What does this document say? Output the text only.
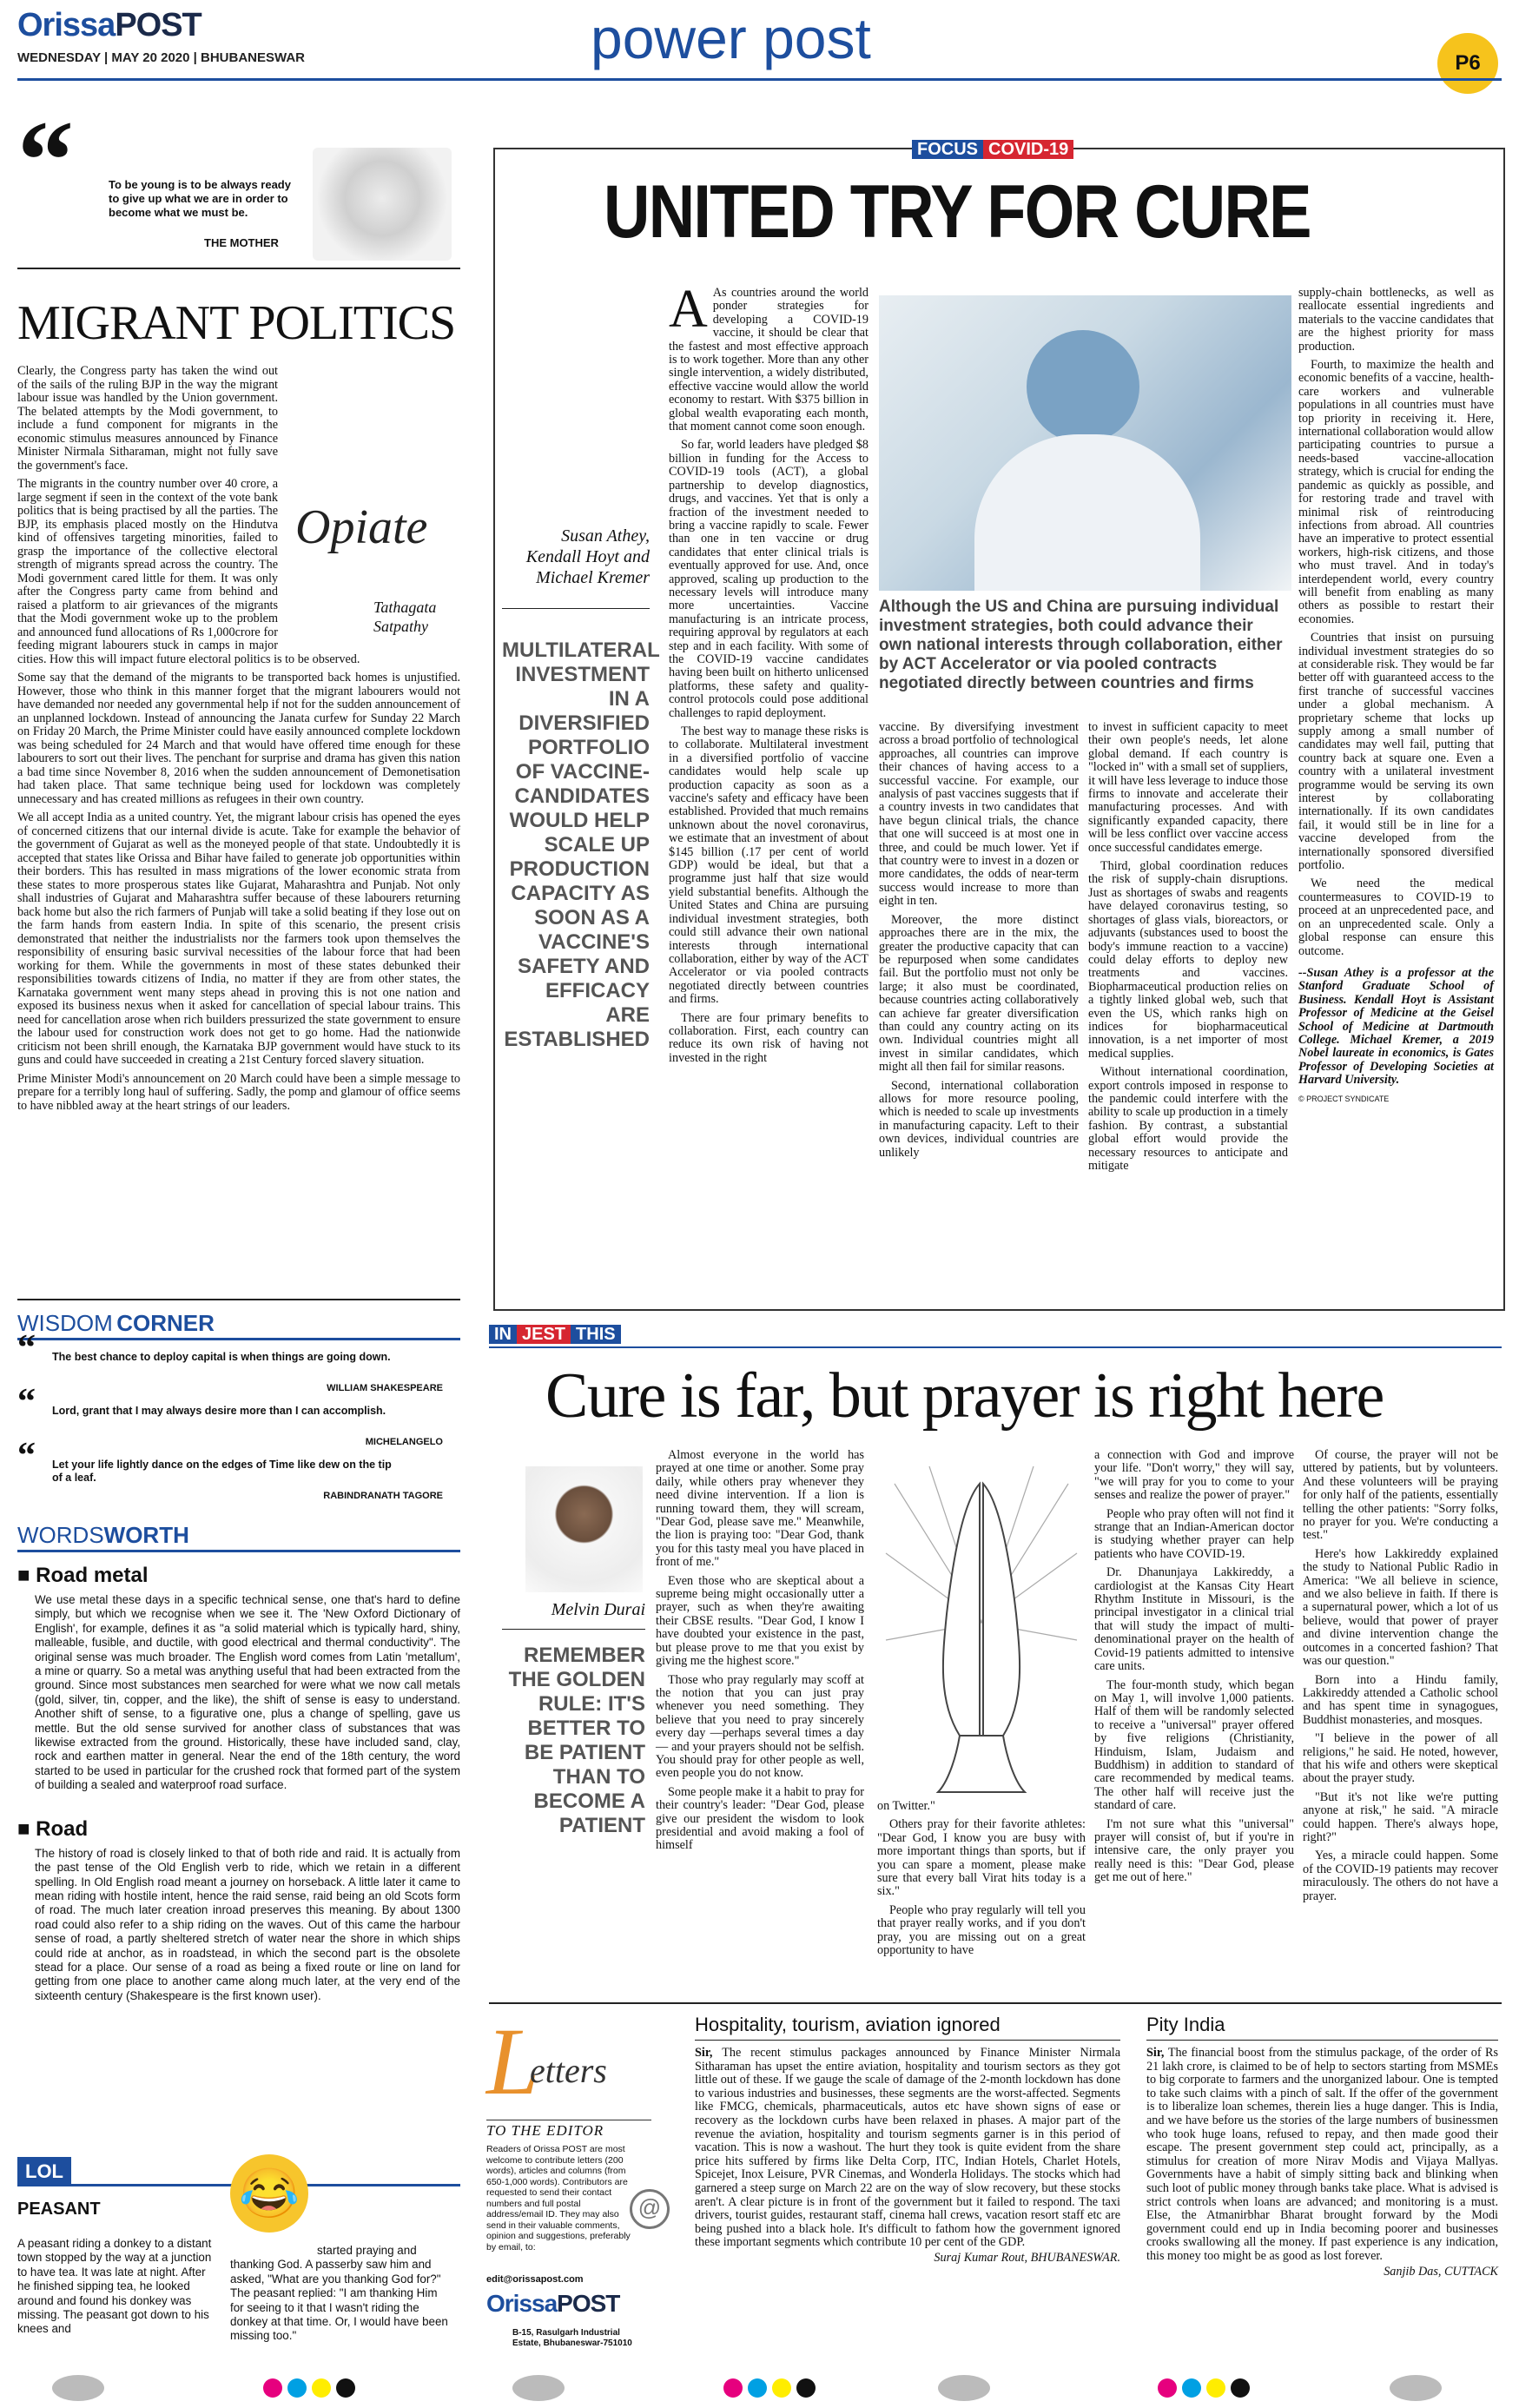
OrissaPOST
WEDNESDAY | MAY 20 2020 | BHUBANESWAR	power post	P6
“	To be young is to be always ready to give up what we are in order to become what we must be.
THE MOTHER
MIGRANT POLITICS
Opiate
Tathagata
Satpathy

Clearly, the Congress party has taken the wind out of the sails of the ruling BJP in the way the migrant labour issue was handled by the Union government. The belated attempts by the Modi government, to include a fund component for migrants in the economic stimulus measures announced by Finance Minister Nirmala Sitharaman, might not fully save the government's face.

The migrants in the country number over 40 crore, a large segment if seen in the context of the vote bank politics that is being practised by all the parties. The BJP, its emphasis placed mostly on the Hindutva kind of offensives targeting minorities, failed to grasp the importance of the collective electoral strength of migrants spread across the country. The Modi government cared little for them. It was only after the Congress party came from behind and raised a platform to air grievances of the migrants that the Modi government woke up to the problem and announced fund allocations of Rs 1,000crore for feeding migrant labourers stuck in camps in major cities. How this will impact future electoral politics is to be observed.

Some say that the demand of the migrants to be transported back homes is unjustified. However, those who think in this manner forget that the migrant labourers would not have demanded nor needed any governmental help if not for the sudden announcement of an unplanned lockdown. Instead of announcing the Janata curfew for Sunday 22 March on Friday 20 March, the Prime Minister could have easily announced complete lockdown was being scheduled for 24 March and that would have offered time enough for these labourers to sort out their lives. The penchant for surprise and drama has given this nation a bad time since November 8, 2016 when the sudden announcement of Demonetisation had taken place. That same technique being used for lockdown was completely unnecessary and has created millions as refugees in their own country.

We all accept India as a united country. Yet, the migrant labour crisis has opened the eyes of concerned citizens that our internal divide is acute. Take for example the behavior of the government of Gujarat as well as the moneyed people of that state. Undoubtedly it is accepted that states like Orissa and Bihar have failed to generate job opportunities within their borders. This has resulted in mass migrations of the lower economic strata from these states to more prosperous states like Gujarat, Maharashtra and Punjab. Not only shall industries of Gujarat and Maharashtra suffer because of these labourers returning back home but also the rich farmers of Punjab will take a solid beating if they lose out on the farm hands from eastern India. In spite of this scenario, the present crisis demonstrated that neither the industrialists nor the farmers took upon themselves the responsibility of ensuring basic survival necessities of the labour force that had been working for them. While the governments in most of these states debunked their responsibilities towards citizens of India, no matter if they are from other states, the Karnataka government went many steps ahead in proving this is not one nation and exposed its business nexus when it asked for cancellation of special labour trains. This need for cancellation arose when rich builders pressurized the state government to ensure the labour used for construction work does not get to go home. Had the nationwide criticism not been shrill enough, the Karnataka BJP government would have stuck to its guns and could have succeeded in creating a 21st Century forced slavery situation.

Prime Minister Modi's announcement on 20 March could have been a simple message to prepare for a terribly long haul of suffering. Sadly, the pomp and glamour of office seems to have nibbled away at the heart strings of our leaders.

WISDOM CORNER
“ The best chance to deploy capital is when things are going down.
WILLIAM SHAKESPEARE
“ Lord, grant that I may always desire more than I can accomplish.
MICHELANGELO
“ Let your life lightly dance on the edges of Time like dew on the tip of a leaf.
RABINDRANATH TAGORE
WORDSWORTH
■ Road metal
We use metal these days in a specific technical sense, one that's hard to define simply, but which we recognise when we see it. The 'New Oxford Dictionary of English', for example, defines it as "a solid material which is typically hard, shiny, malleable, fusible, and ductile, with good electrical and thermal conductivity". The original sense was much broader. The English word comes from Latin 'metallum', a mine or quarry. So a metal was anything useful that had been extracted from the ground. Since most substances men searched for were what we now call metals (gold, silver, tin, copper, and the like), the shift of sense is easy to understand. Another shift of sense, to a figurative one, plus a change of spelling, gave us mettle. But the old sense survived for another class of substances that was likewise extracted from the ground. Historically, these have included sand, clay, rock and earthen matter in general. Near the end of the 18th century, the word started to be used in particular for the crushed rock that formed part of the system of building a sealed and waterproof road surface.
■ Road
The history of road is closely linked to that of both ride and raid. It is actually from the past tense of the Old English verb to ride, which we retain in a different spelling. In Old English road meant a journey on horseback. A little later it came to mean riding with hostile intent, hence the raid sense, raid being an old Scots form of road. The much later creation inroad preserves this meaning. By about 1300 road could also refer to a ship riding on the waves. Out of this came the harbour sense of road, a partly sheltered stretch of water near the shore in which ships could ride at anchor, as in roadstead, in which the second part is the obsolete stead for a place. Our sense of a road as being a fixed route or line on land for getting from one place to another came along much later, at the very end of the sixteenth century (Shakespeare is the first known user).
LOL
PEASANT	😂
A peasant riding a donkey to a distant town stopped by the way at a junction to have tea. It was late at night. After he finished sipping tea, he looked around and found his donkey was missing. The peasant got down to his knees and
started praying and thanking God. A passerby saw him and asked, "What are you thanking God for?" The peasant replied: "I am thanking Him for seeing to it that I wasn't riding the donkey at that time. Or, I would have been missing too."
FOCUS COVID-19
UNITED TRY FOR CURE
Susan Athey,
Kendall Hoyt and
Michael Kremer
MULTILATERAL INVESTMENT IN A DIVERSIFIED PORTFOLIO OF VACCINE-CANDIDATES WOULD HELP SCALE UP PRODUCTION CAPACITY AS SOON AS A VACCINE'S SAFETY AND EFFICACY ARE ESTABLISHED

A As countries around the world ponder strategies for developing a COVID-19 vaccine, it should be clear that the fastest and most effective approach is to work together. More than any other single intervention, a widely distributed, effective vaccine would allow the world economy to restart. With $375 billion in global wealth evaporating each month, that moment cannot come soon enough.

So far, world leaders have pledged $8 billion in funding for the Access to COVID-19 tools (ACT), a global partnership to develop diagnostics, drugs, and vaccines. Yet that is only a fraction of the investment needed to bring a vaccine rapidly to scale. Fewer than one in ten vaccine or drug candidates that enter clinical trials is eventually approved for use. And, once approved, scaling up production to the necessary levels will introduce many more uncertainties. Vaccine manufacturing is an intricate process, requiring approval by regulators at each step and in each facility. With some of the COVID-19 vaccine candidates having been built on hitherto unlicensed platforms, these safety and quality-control protocols could pose additional challenges to rapid deployment.

The best way to manage these risks is to collaborate. Multilateral investment in a diversified portfolio of vaccine candidates would help scale up production capacity as soon as a vaccine's safety and efficacy have been established. Provided that much remains unknown about the novel coronavirus, we estimate that an investment of about $145 billion (.17 per cent of world GDP) would be ideal, but that a programme just half that size would yield substantial benefits. Although the United States and China are pursuing individual investment strategies, both could still advance their own national interests through international collaboration, either by way of the ACT Accelerator or via pooled contracts negotiated directly between countries and firms.

There are four primary benefits to collaboration. First, each country can reduce its own risk of having not invested in the right

Although the US and China are pursuing individual investment strategies, both could advance their own national interests through collaboration, either by ACT Accelerator or via pooled contracts negotiated directly between countries and firms

vaccine. By diversifying investment across a broad portfolio of technological approaches, all countries can improve their chances of having access to a successful vaccine. For example, our analysis of past vaccines suggests that if a country invests in two candidates that have begun clinical trials, the chance that one will succeed is at most one in three, and could be much lower. Yet if that country were to invest in a dozen or more candidates, the odds of near-term success would increase to more than eight in ten.

Moreover, the more distinct approaches there are in the mix, the greater the productive capacity that can be repurposed when some candidates fail. But the portfolio must not only be large; it also must be coordinated, because countries acting collaboratively can achieve far greater diversification than could any country acting on its own. Individual countries might all invest in similar candidates, which might all then fail for similar reasons.

Second, international collaboration allows for more resource pooling, which is needed to scale up investments in manufacturing capacity. Left to their own devices, individual countries are unlikely

to invest in sufficient capacity to meet their own people's needs, let alone global demand. If each country is "locked in" with a small set of suppliers, it will have less leverage to induce those firms to innovate and accelerate their manufacturing processes. And with significantly expanded capacity, there will be less conflict over vaccine access once successful candidates emerge.

Third, global coordination reduces the risk of supply-chain disruptions. Just as shortages of swabs and reagents have delayed coronavirus testing, so shortages of glass vials, bioreactors, or adjuvants (substances used to boost the body's immune reaction to a vaccine) could delay efforts to deploy new treatments and vaccines. Biopharmaceutical production relies on a tightly linked global web, such that even the US, which ranks high on indices for biopharmaceutical innovation, is a net importer of most medical supplies.

Without international coordination, export controls imposed in response to the pandemic could interfere with the ability to scale up production in a timely fashion. By contrast, a substantial global effort would provide the necessary resources to anticipate and mitigate

supply-chain bottlenecks, as well as reallocate essential ingredients and materials to the vaccine candidates that are the highest priority for mass production.

Fourth, to maximize the health and economic benefits of a vaccine, health-care workers and vulnerable populations in all countries must have top priority in receiving it. Here, international collaboration would allow participating countries to pursue a needs-based vaccine-allocation strategy, which is crucial for ending the pandemic as quickly as possible, and for restoring trade and travel with minimal risk of reintroducing infections from abroad. All countries have an imperative to protect essential workers, high-risk citizens, and those who must travel. And in today's interdependent world, every country will benefit from enabling as many others as possible to restart their economies.

Countries that insist on pursuing individual investment strategies do so at considerable risk. They would be far better off with guaranteed access to the first tranche of successful vaccines under a global mechanism. A proprietary scheme that locks up supply among a small number of candidates may well fail, putting that country back at square one. Even a country with a unilateral investment programme would be serving its own interest by collaborating internationally. If its own candidates fail, it would still be in line for a vaccine developed from the internationally sponsored diversified portfolio.

We need the medical countermeasures to COVID-19 to proceed at an unprecedented pace, and on an unprecedented scale. Only a global response can ensure this outcome.

--Susan Athey is a professor at the Stanford Graduate School of Business. Kendall Hoyt is Assistant Professor of Medicine at the Geisel School of Medicine at Dartmouth College. Michael Kremer, a 2019 Nobel laureate in economics, is Gates Professor of Developing Societies at Harvard University.

© PROJECT SYNDICATE

IN JEST THIS
Cure is far, but prayer is right here
Melvin Durai
REMEMBER THE GOLDEN RULE: IT'S BETTER TO BE PATIENT THAN TO BECOME A PATIENT

Almost everyone in the world has prayed at one time or another. Some pray daily, while others pray whenever they need divine intervention. If a lion is running toward them, they will scream, "Dear God, please save me." Meanwhile, the lion is praying too: "Dear God, thank you for this tasty meal you have placed in front of me."

Even those who are skeptical about a supreme being might occasionally utter a prayer, such as when they're awaiting their CBSE results. "Dear God, I know I have doubted your existence in the past, but please prove to me that you exist by giving me the highest score."

Those who pray regularly may scoff at the notion that you can just pray whenever you need something. They believe that you need to pray sincerely every day —perhaps several times a day — and your prayers should not be selfish. You should pray for other people as well, even people you do not know.

Some people make it a habit to pray for their country's leader: "Dear God, please give our president the wisdom to look presidential and avoid making a fool of himself

on Twitter."

Others pray for their favorite athletes: "Dear God, I know you are busy with more important things than sports, but if you can spare a moment, please make sure that every ball Virat hits today is a six."

People who pray regularly will tell you that prayer really works, and if you don't pray, you are missing out on a great opportunity to have

a connection with God and improve your life. "Don't worry," they will say, "we will pray for you to come to your senses and realize the power of prayer."

People who pray often will not find it strange that an Indian-American doctor is studying whether prayer can help patients who have COVID-19.

Dr. Dhanunjaya Lakkireddy, a cardiologist at the Kansas City Heart Rhythm Institute in Missouri, is the principal investigator in a clinical trial that will study the impact of multi-denominational prayer on the health of Covid-19 patients admitted to intensive care units.

The four-month study, which began on May 1, will involve 1,000 patients. Half of them will be randomly selected to receive a "universal" prayer offered by five religions (Christianity, Hinduism, Islam, Judaism and Buddhism) in addition to standard of care recommended by medical teams. The other half will receive just the standard of care.

I'm not sure what this "universal" prayer will consist of, but if you're in intensive care, the only prayer you really need is this: "Dear God, please get me out of here."

Of course, the prayer will not be uttered by patients, but by volunteers. And these volunteers will be praying for only half of the patients, essentially telling the other patients: "Sorry folks, no prayer for you. We're conducting a test."

Here's how Lakkireddy explained the study to National Public Radio in America: "We all believe in science, and we also believe in faith. If there is a supernatural power, which a lot of us believe, would that power of prayer and divine intervention change the outcomes in a concerted fashion? That was our question."

Born into a Hindu family, Lakkireddy attended a Catholic school and has spent time in synagogues, Buddhist monasteries, and mosques.

"I believe in the power of all religions," he said. He noted, however, that his wife and others were skeptical about the prayer study.

"But it's not like we're putting anyone at risk," he said. "A miracle could happen. There's always hope, right?"

Yes, a miracle could happen. Some of the COVID-19 patients may recover miraculously. The others do not have a prayer.

L
etters
TO THE EDITOR
Readers of Orissa POST are most welcome to contribute letters (200 words), articles and columns (from 650-1,000 words). Contributors are requested to send their contact numbers and full postal address/email ID. They may also send in their valuable comments, opinion and suggestions, preferably by email, to:
@
edit@orissapost.com
OrissaPOST
B-15, Rasulgarh Industrial Estate, Bhubaneswar-751010
Hospitality, tourism, aviation ignored
Sir, The recent stimulus packages announced by Finance Minister Nirmala Sitharaman has upset the entire aviation, hospitality and tourism sectors as they got little out of these. If we gauge the scale of damage of the 2-month lockdown has done to various industries and businesses, these segments are the worst-affected. Segments like FMCG, chemicals, pharmaceuticals, autos etc have shown signs of ease or recovery as the lockdown curbs have been relaxed in phases. A major part of the revenue the aviation, hospitality and tourism segments garner is in this period of vacation. This is now a washout. The hurt they took is quite evident from the share price hits suffered by firms like Delta Corp, ITC, Indian Hotels, Charlet Hotels, Spicejet, Inox Leisure, PVR Cinemas, and Wonderla Holidays. The stocks which had garnered a steep surge on March 22 are on the way of slow recovery, but these stocks aren't. A clear picture is in front of the government but it failed to respond. The taxi drivers, tourist guides, restaurant staff, cinema hall crews, vacation resort staff etc are being pushed into a black hole. It's difficult to fathom how the government ignored these important segments which contribute 10 per cent of the GDP.
Suraj Kumar Rout, BHUBANESWAR.
Pity India
Sir, The financial boost from the stimulus package, of the order of Rs 21 lakh crore, is claimed to be of help to sectors starting from MSMEs to big corporate to farmers and the unorganized labour. One is tempted to take such claims with a pinch of salt. If the offer of the government is to liberalize loan schemes, therein lies a huge danger. This is India, and we have before us the stories of the large numbers of businessmen who took huge loans, refused to repay, and then made good their escape. The present government step could act, principally, as a stimulus for creation of more Nirav Modis and Vijaya Mallyas. Governments have a habit of simply sitting back and blinking when such loot of public money through banks take place. What is advised is strict controls when loans are advanced; and monitoring is a must. Else, the Atmanirbhar Bharat brought forward by the Modi government could end up in India becoming poorer and businesses crooks swallowing all the money. If past experience is any indication, this money too might be as good as lost forever.
Sanjib Das, CUTTACK
